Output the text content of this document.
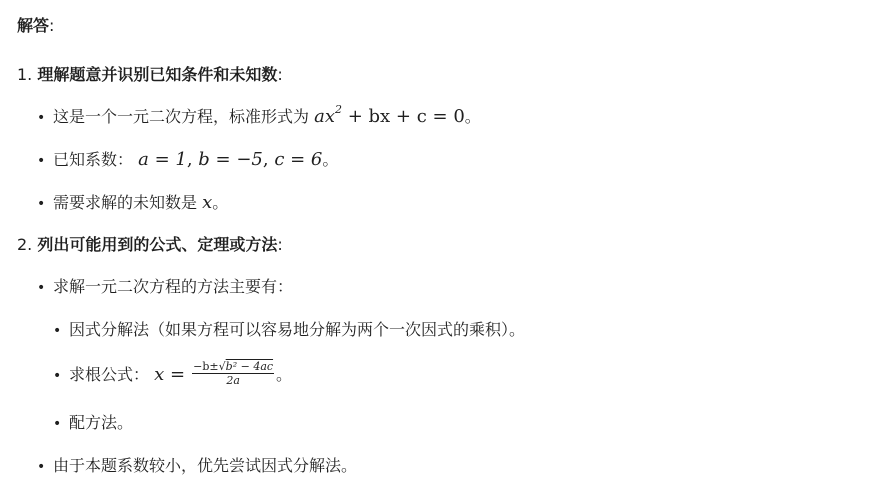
解答:
1. 理解题意并识别已知条件和未知数:
• 这是一个一元二次方程，标准形式为 $ax^2$ + bx + c = 0。
• 已知系数： a = 1, b = −5, c = 6。
• 需要求解的未知数是 x。
2. 列出可能用到的公式、定理或方法:
• 求解一元二次方程的方法主要有：
• 因式分解法（如果方程可以容易地分解为两个一次因式的乘积）。
• 求根公式： $x = \frac{\text{−b±√b² − 4ac}}{2a}$ 。
• 配方法。
• 由于本题系数较小，优先尝试因式分解法。
